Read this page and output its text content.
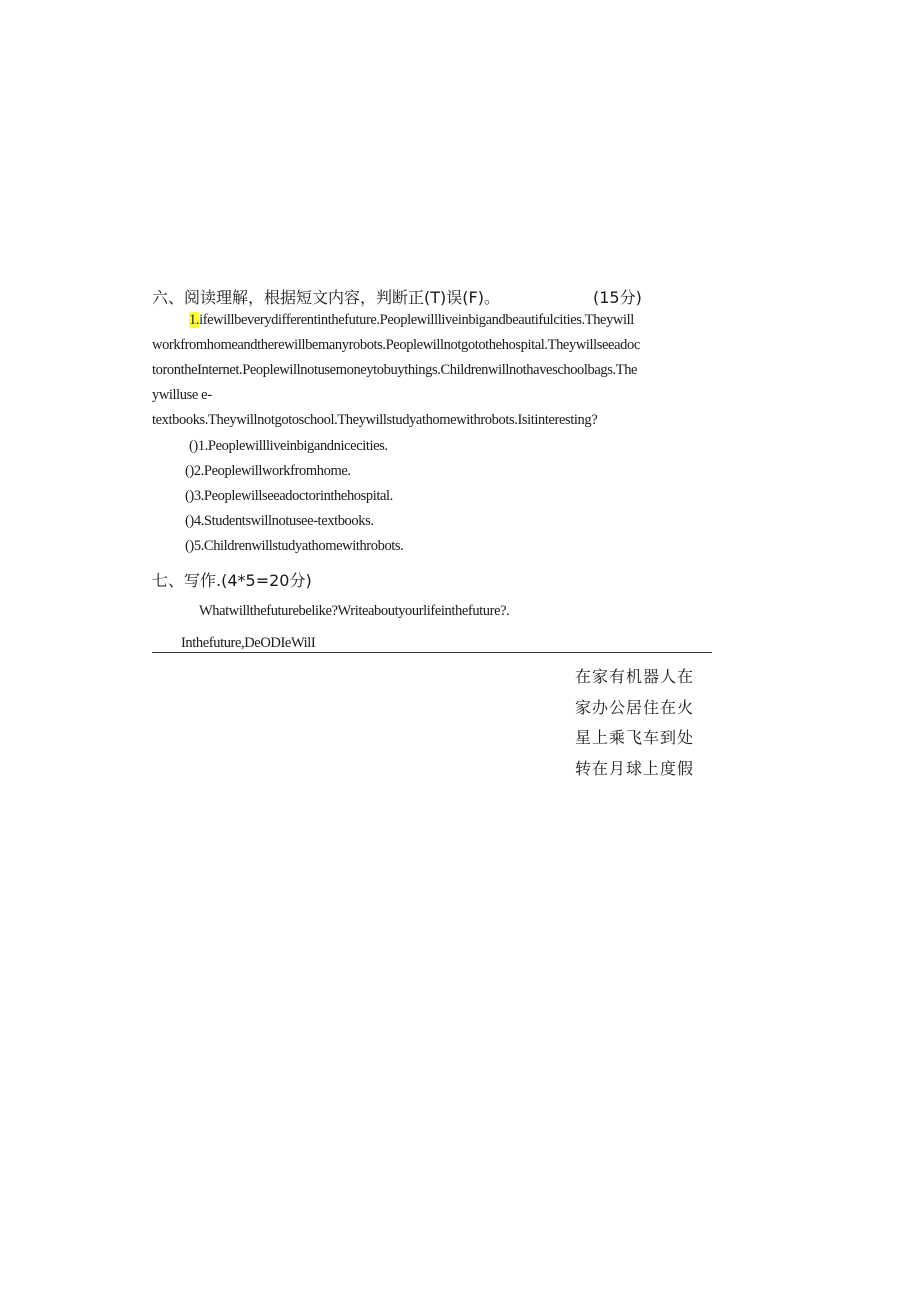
六、阅读理解，根据短文内容，判断正(T)误(F)。	(15分)
1.ifewillbeverydifferentinthefuture.Peoplewillliveinbigandbeautifulcities.Theywill
workfromhomeandtherewillbemanyrobots.Peoplewillnotgotothehospital.Theywillseeadoc
torontheInternet.Peoplewillnotusemoneytobuythings.Childrenwillnothaveschoolbags.The
ywilluse e-
textbooks.Theywillnotgotoschool.Theywillstudyathomewithrobots.Isitinteresting?
()1.Peoplewillliveinbigandnicecities.
()2.Peoplewillworkfromhome.
()3.Peoplewillseeadoctorinthehospital.
()4.Studentswillnotusee-textbooks.
()5.Childrenwillstudyathomewithrobots.
七、写作.(4*5=20分)
Whatwillthefuturebelike?Writeaboutyourlifeinthefuture?.
Inthefuture,DeODIeWilI
在家有机器人在
家办公居住在火
星上乘飞车到处
转在月球上度假
